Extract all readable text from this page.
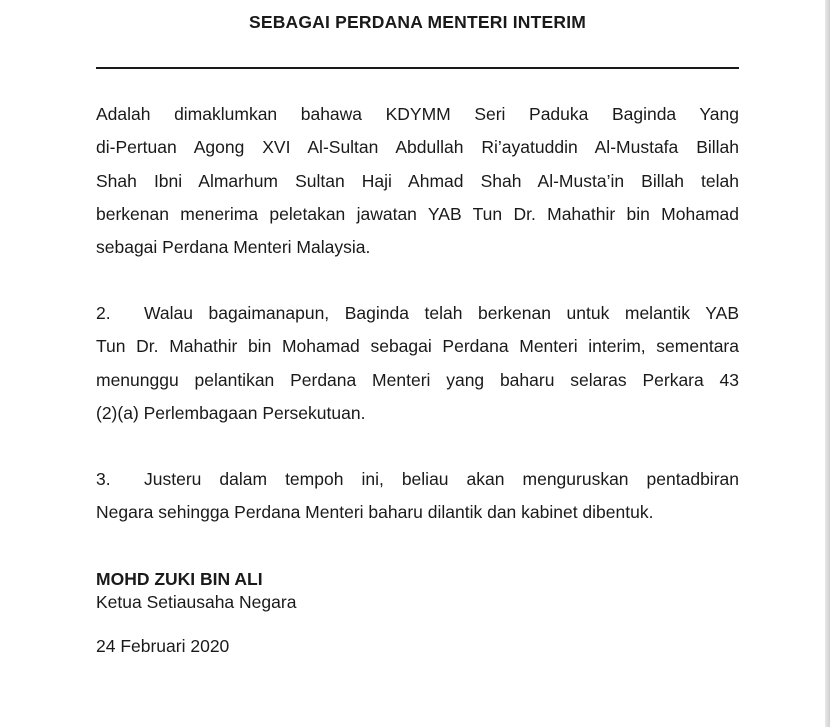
SEBAGAI PERDANA MENTERI INTERIM
Adalah dimaklumkan bahawa KDYMM Seri Paduka Baginda Yang
di-Pertuan Agong XVI Al-Sultan Abdullah Ri’ayatuddin Al-Mustafa Billah
Shah Ibni Almarhum Sultan Haji Ahmad Shah Al-Musta’in Billah telah
berkenan menerima peletakan jawatan YAB Tun Dr. Mahathir bin Mohamad
sebagai Perdana Menteri Malaysia.
2.	Walau bagaimanapun, Baginda telah berkenan untuk melantik YAB
Tun Dr. Mahathir bin Mohamad sebagai Perdana Menteri interim, sementara
menunggu pelantikan Perdana Menteri yang baharu selaras Perkara 43
(2)(a) Perlembagaan Persekutuan.
3.	Justeru dalam tempoh ini, beliau akan menguruskan pentadbiran
Negara sehingga Perdana Menteri baharu dilantik dan kabinet dibentuk.
MOHD ZUKI BIN ALI
Ketua Setiausaha Negara
24 Februari 2020
